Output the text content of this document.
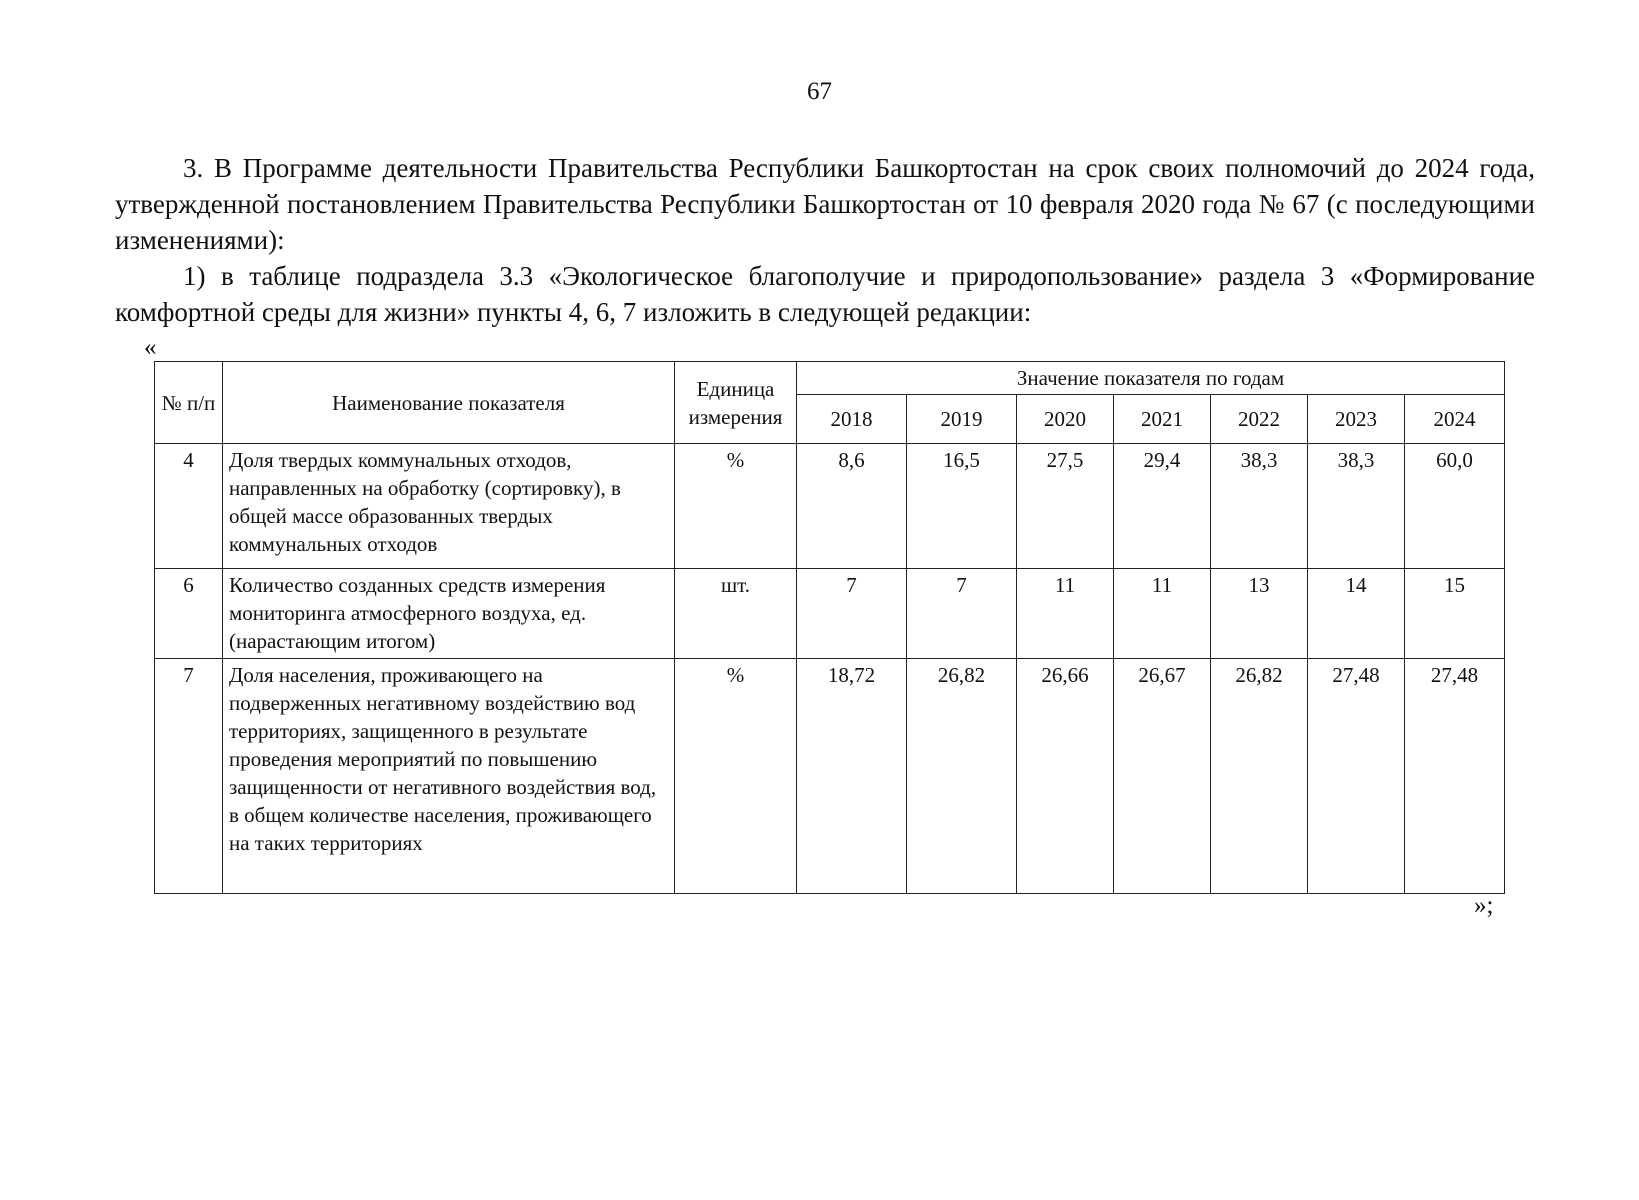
67
3. В Программе деятельности Правительства Республики Башкортостан на срок своих полномочий до 2024 года, утвержденной постановлением Правительства Республики Башкортостан от 10 февраля 2020 года № 67 (с последующими изменениями):
1) в таблице подраздела 3.3 «Экологическое благополучие и природопользование» раздела 3 «Формирование комфортной среды для жизни» пункты 4, 6, 7 изложить в следующей редакции:
«
№ п/п	Наименование показателя	Единица измерения	Значение показателя по годам						
			2018	2019	2020	2021	2022	2023	2024
4	Доля твердых коммунальных отходов, направленных на обработку (сортировку), в общей массе образованных твердых коммунальных отходов	%	8,6	16,5	27,5	29,4	38,3	38,3	60,0
6	Количество созданных средств измерения мониторинга атмосферного воздуха, ед. (нарастающим итогом)	шт.	7	7	11	11	13	14	15
7	Доля населения, проживающего на подверженных негативному воздействию вод территориях, защищенного в результате проведения мероприятий по повышению защищенности от негативного воздействия вод, в общем количестве населения, проживающего на таких территориях	%	18,72	26,82	26,66	26,67	26,82	27,48	27,48
»;
